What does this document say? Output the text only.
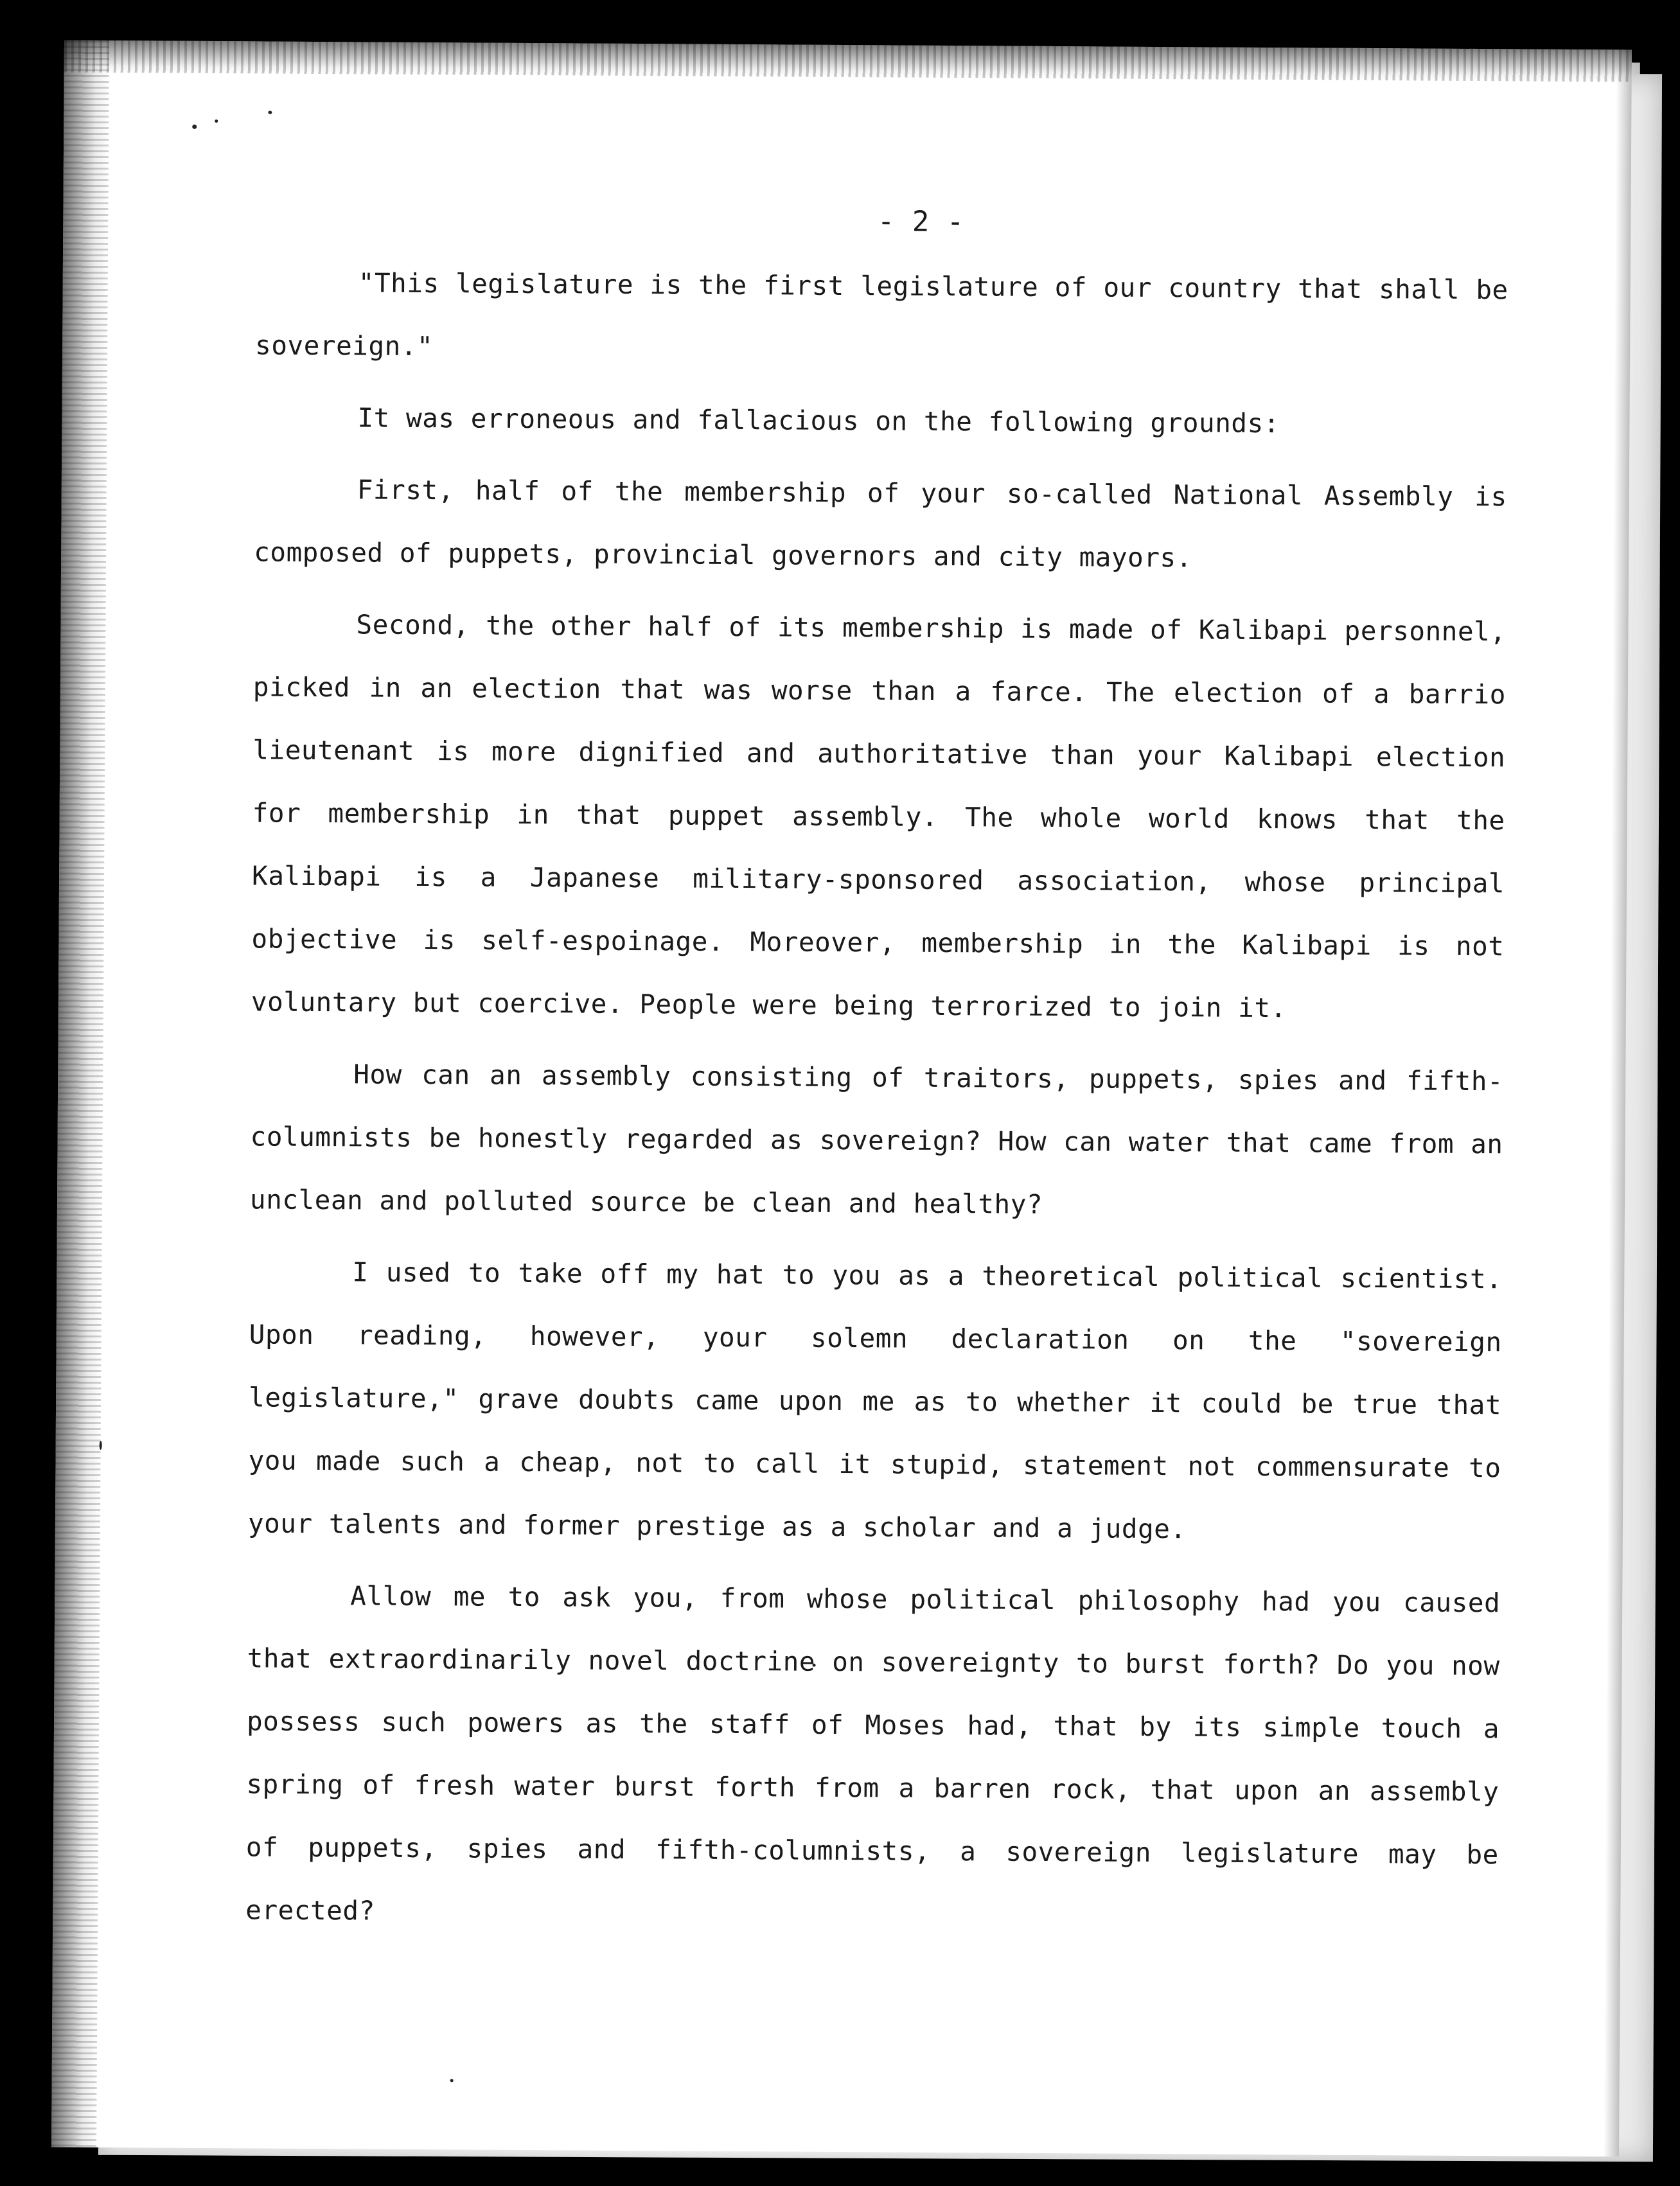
- 2 -

"This legislature is the first legislature of our country that shall be sovereign."

It was erroneous and fallacious on the following grounds:

First, half of the membership of your so-called National Assembly is composed of puppets, provincial governors and city mayors.

Second, the other half of its membership is made of Kalibapi personnel, picked in an election that was worse than a farce. The election of a barrio lieutenant is more dignified and authoritative than your Kalibapi election for membership in that puppet assembly. The whole world knows that the Kalibapi is a Japanese military-sponsored association, whose principal objective is self-espoinage. Moreover, membership in the Kalibapi is not voluntary but coercive. People were being terrorized to join it.

How can an assembly consisting of traitors, puppets, spies and fifth-columnists be honestly regarded as sovereign? How can water that came from an unclean and polluted source be clean and healthy?

I used to take off my hat to you as a theoretical political scientist. Upon reading, however, your solemn declaration on the "sovereign legislature," grave doubts came upon me as to whether it could be true that you made such a cheap, not to call it stupid, statement not commensurate to your talents and former prestige as a scholar and a judge.

Allow me to ask you, from whose political philosophy had you caused that extraordinarily novel doctrine on sovereignty to burst forth? Do you now possess such powers as the staff of Moses had, that by its simple touch a spring of fresh water burst forth from a barren rock, that upon an assembly of puppets, spies and fifth-columnists, a sovereign legislature may be erected?
